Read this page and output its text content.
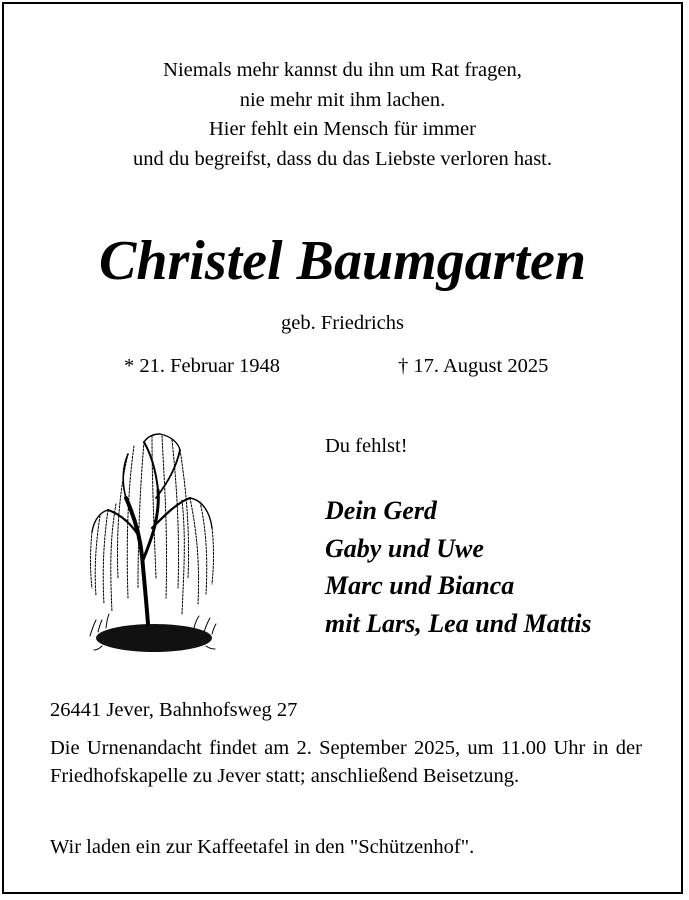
Niemals mehr kannst du ihn um Rat fragen,
nie mehr mit ihm lachen.
Hier fehlt ein Mensch für immer
und du begreifst, dass du das Liebste verloren hast.
Christel Baumgarten
geb. Friedrichs
* 21. Februar 1948	† 17. August 2025
Du fehlst!
Dein Gerd
Gaby und Uwe
Marc und Bianca
mit Lars, Lea und Mattis
26441 Jever, Bahnhofsweg 27
Die Urnenandacht findet am 2. September 2025, um 11.00 Uhr in der Friedhofskapelle zu Jever statt; anschließend Beisetzung.
Wir laden ein zur Kaffeetafel in den "Schützenhof".
